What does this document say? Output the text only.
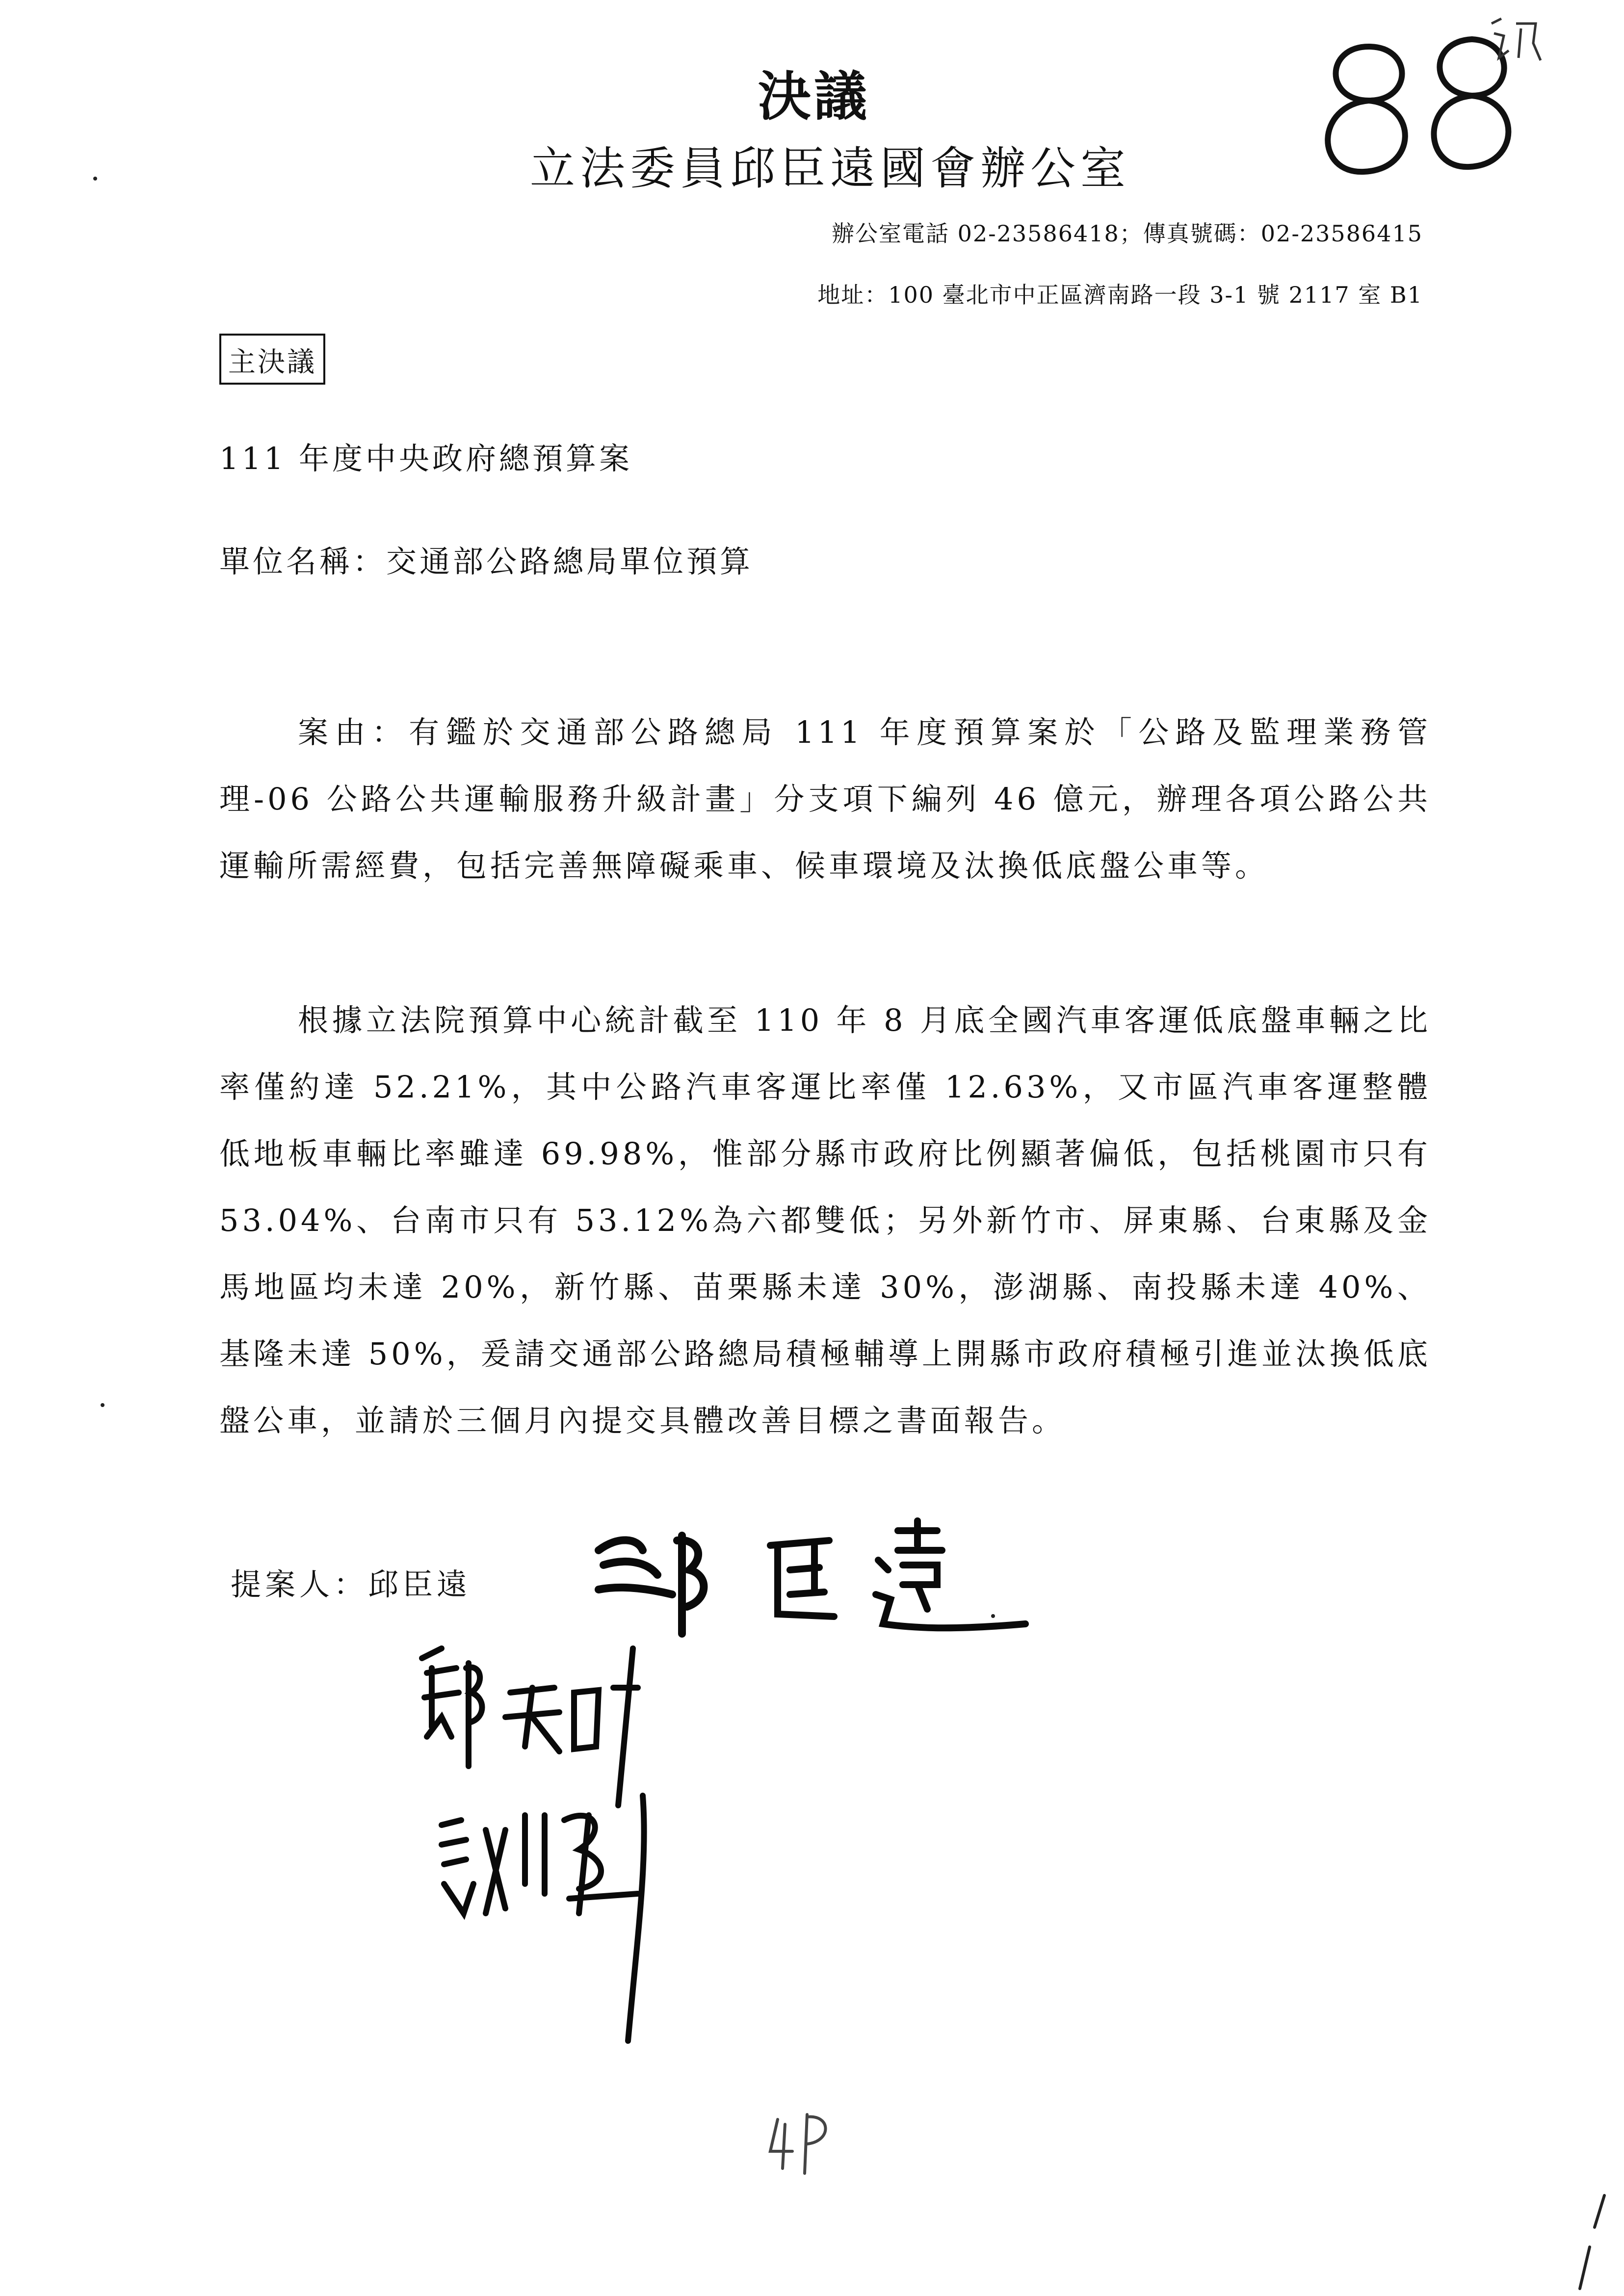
決議
立法委員邱臣遠國會辦公室
辦公室電話 02-23586418；傳真號碼：02-23586415
地址：100 臺北市中正區濟南路一段 3-1 號 2117 室 B1
主決議
111 年度中央政府總預算案
單位名稱：交通部公路總局單位預算
案由：有鑑於交通部公路總局 111 年度預算案於「公路及監理業務管理-06 公路公共運輸服務升級計畫」分支項下編列 46 億元，辦理各項公路公共運輸所需經費，包括完善無障礙乘車、候車環境及汰換低底盤公車等。
根據立法院預算中心統計截至 110 年 8 月底全國汽車客運低底盤車輛之比率僅約達 52.21%，其中公路汽車客運比率僅 12.63%，又市區汽車客運整體低地板車輛比率雖達 69.98%，惟部分縣市政府比例顯著偏低，包括桃園市只有 53.04%、台南市只有 53.12%為六都雙低；另外新竹市、屏東縣、台東縣及金馬地區均未達 20%，新竹縣、苗栗縣未達 30%，澎湖縣、南投縣未達 40%、基隆未達 50%，爰請交通部公路總局積極輔導上開縣市政府積極引進並汰換低底盤公車，並請於三個月內提交具體改善目標之書面報告。
提案人：邱臣遠
